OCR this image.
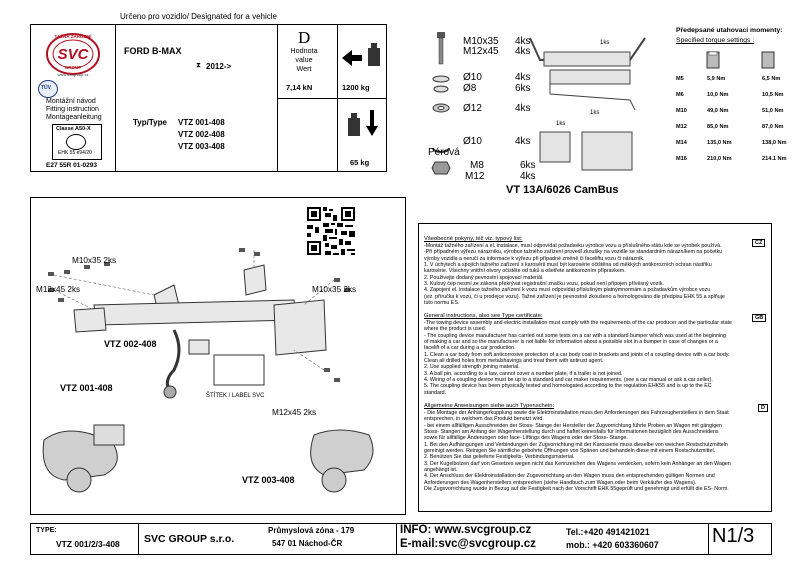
Určeno pro vozidlo/ Designated for a vehicle
SVC
TAŽNÁ ZAŘÍZENÍ
GROUP
www.svcgroup.cz
TÜV
Montážní návod
Fitting instruction
Montageanleitung
Classe A50-X
EHK 55 e94/20
E27 55R 01-0293
FORD B-MAX
⧗ 2012->
Typ/Type VTZ 001-408
VTZ 002-408
VTZ 003-408
D
Hodnota
value
Wert
7,14 kN	1200 kg
65 kg
M10x35 4ks
M12x45 4ks
Ø10	4ks
Ø8	6ks
Ø12	4ks
Ø10	4ks
Pérová
M8	6ks
M12	4ks
1ks
1ks
1ks
VT 13A/6026 CamBus
Předepsané utahovací momenty:
Specified torque settings :
M5	5,9 Nm	6,5 Nm
M6	10,0 Nm	10,5 Nm
M10	49,0 Nm	51,0 Nm
M12	85,0 Nm	87,0 Nm
M14	135,0 Nm	138,0 Nm
M16	210,0 Nm	214.1 Nm
M10x35 2ks
M12x45 2ks	M10x35 2ks
M12x45 2ks
VTZ 002-408
VTZ 001-408
VTZ 003-408
ŠTÍTEK / LABEL SVC
Všeobecné pokyny, též viz. typový list:
CZ
-Montáž tažného zařízení a el. instalace, musí odpovídat požadavku výrobce vozu a příslušného státu kde se výrobek používá.
-Při případném výřezu nárazníku, výrobce tažného zařízení provedl zkoušky na vozidle se standardním nárazníkem na početku
výroby vozidla a neručí za informace k výřezu při případné změně či faceliftu vozu či nárazník.
1. V úchytech a spojích tažného zařízení s karosérií musí být karosérie očištěna od měkkých antikorozních ochran nástřiku
karosérie. Všechny vnitřní otvory očistěte od tuků a ošetřete antikorozním přípravkem.
2. Používejte dodaný pevnostní spojovací materiál.
3. Kulový čep nesmí ze zákona překrývat registrační značku vozu, pokud není připojen přívěsný vozík.
4. Zapojení el. instalace tažného zařízení k vozu musí odpovídat příslušným platnýmnormám a požadavkům výrobce vozu
(viz. příručka k vozu, či u prodejce vozu). Tažné zařízení je pevnostně zkoušeno a homologováno dle předpisu EHK 55 a splňuje
tuto normu ES.
General instructions, also see Type certificate:	GB
-The towing device assembly and electric installation must comply with the requirements of the car producer and the particular state
where the product is used.
- The coupling device manufacturer has carried out some tests on a car with a standard bumper which was used at the beginning
of making a car and so the manufacturer is not liable for information about a possible slot in a bumper in case of changes or a
facelift of a car during a car production.
1. Clean a car body from soft anticorrosive protection of a car body coat in brackets and joints of a coupling device with a car body.
Clean all drilled holes from metalshavings and treat them with antirust agent.
2. Use supplied strength joining material.
3. A ball pin, according to a law, cannot cover a number plate, if a trailer is not joined.
4. Wiring of a coupling device must be up to a standard and car maker requirements. (see a car manual or ask a car seller).
5. The coupling device has been physically tested and homologated according to the regulation EHK55 and is up to the EC
standard.
Allgemeine Anweisungen siehe auch Typenschein:	D
- Die Montage der Anhängerkupplung sowie die Elektroinstallation muss den Anforderungen des Fahrzeugherstellers in dem Staat
entsprechen, in welchem das Produkt benutzt wird.
- bei einem allfälligen Ausschneiden der Stoss- Stange der Hersteller der Zugvorrichtung führte Proben an Wagen mit gängigen
Stoss- Stangen am Anfang der Wagenherstellung durch und haftet keinesfalls für Informationen bezüglich des Ausschneidens
sowie für allfällige Änderungen oder face- Liftings des Wagens oder der Stoss- Stange.
1. Bei den Aufhängungen und Verbindungen der Zugvorrichtung mit der Karosserie muss dieselbe von weichen Rostschutzmitteln
gereinigt werden. Reinigen Sie sämtliche gebohrte Öffnungen von Spänen und behandeln diese mit einem Rostschutzmittel.
2. Benützen Sie das gelieferte Festigkeits- Verbindungsmaterial.
3. Der Kugelbolzen darf von Gesetzes wegen nicht das Kennzeichen des Wagens verdecken, sofern kein Anhänger an den Wagen
angehängt ist.
4. Der Anschluss der Elektroinstallation der Zugsvorrichtung an den Wagen muss den entsprechenden gültigen Normen und
Anforderungen des Wagenherstellers entsprechen (siehe Handbuch zum Wagen,oder beim Verkäufer des Wagens).
Die Zugsvorrichtung wurde in Bezug auf die Festigkeit nach der Vorschrift EHK 55geprüft und genehmigt und erfüllt die ES- Norm.
TYPE:
VTZ 001/2/3-408 SVC GROUP s.r.o.
Průmyslová zóna - 179
547 01 Náchod-ČR
INFO: www.svcgroup.cz
E-mail:svc@svcgroup.cz
Tel.:+420 491421021
mob.: +420 603360607	N1/3
